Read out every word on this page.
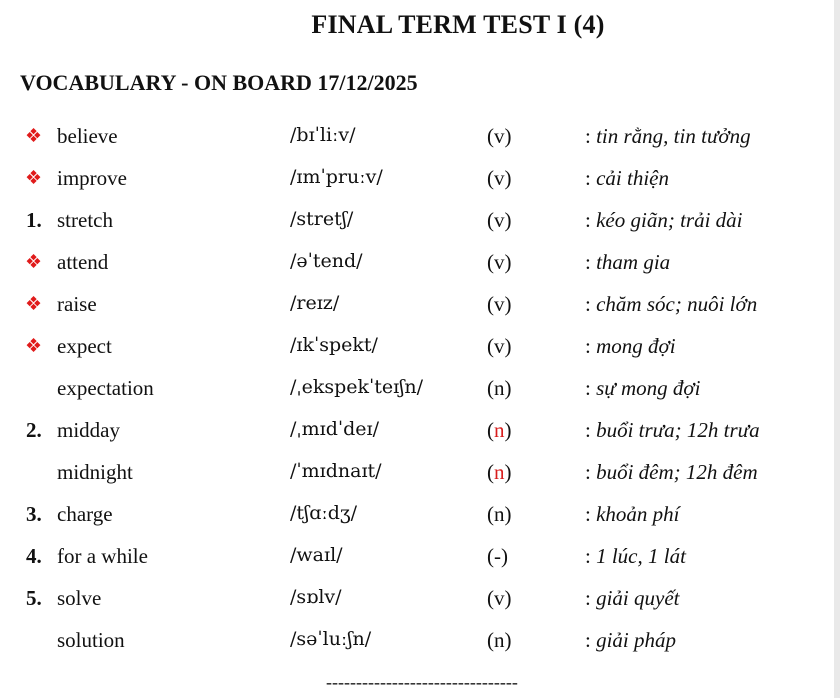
FINAL TERM TEST I (4)
VOCABULARY - ON BOARD 17/12/2025
❖ believe	/bɪˈliːv/	(v)	: tin rằng, tin tưởng
❖ improve	/ɪmˈpruːv/	(v)	: cải thiện
1. stretch	/stretʃ/	(v)	: kéo giãn; trải dài
❖ attend	/əˈtend/	(v)	: tham gia
❖ raise	/reɪz/	(v)	: chăm sóc; nuôi lớn
❖ expect	/ɪkˈspekt/	(v)	: mong đợi
expectation	/ˌekspekˈteɪʃn/	(n)	: sự mong đợi
2. midday	/ˌmɪdˈdeɪ/	(n)	: buổi trưa; 12h trưa
midnight	/ˈmɪdnaɪt/	(n)	: buổi đêm; 12h đêm
3. charge	/tʃɑːdʒ/	(n)	: khoản phí
4. for a while	/waɪl/	(-)	: 1 lúc, 1 lát
5. solve	/sɒlv/	(v)	: giải quyết
solution	/səˈluːʃn/	(n)	: giải pháp
--------------------------------
